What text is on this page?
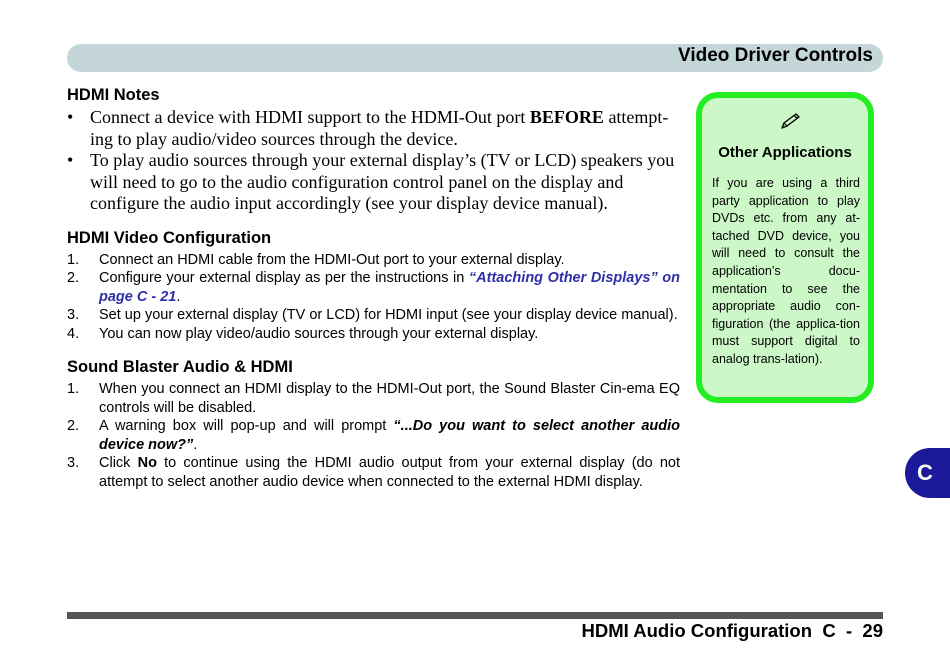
Video Driver Controls
HDMI Notes
• Connect a device with HDMI support to the HDMI-Out port BEFORE attempt-ing to play audio/video sources through the device.
• To play audio sources through your external display’s (TV or LCD) speakers you will need to go to the audio configuration control panel on the display and configure the audio input accordingly (see your display device manual).
HDMI Video Configuration
1. Connect an HDMI cable from the HDMI-Out port to your external display.
2. Configure your external display as per the instructions in “Attaching Other Displays” on page C - 21.
3. Set up your external display (TV or LCD) for HDMI input (see your display device manual).
4. You can now play video/audio sources through your external display.
Sound Blaster Audio & HDMI
1. When you connect an HDMI display to the HDMI-Out port, the Sound Blaster Cin-ema EQ controls will be disabled.
2. A warning box will pop-up and will prompt “...Do you want to select another audio device now?”.
3. Click No to continue using the HDMI audio output from your external display (do not attempt to select another audio device when connected to the external HDMI display.
Other Applications
If you are using a third party application to play DVDs etc. from any at-tached DVD device, you will need to consult the application’s docu-mentation to see the appropriate audio con-figuration (the applica-tion must support digital to analog trans-lation).
C
HDMI Audio Configuration C  -  29
